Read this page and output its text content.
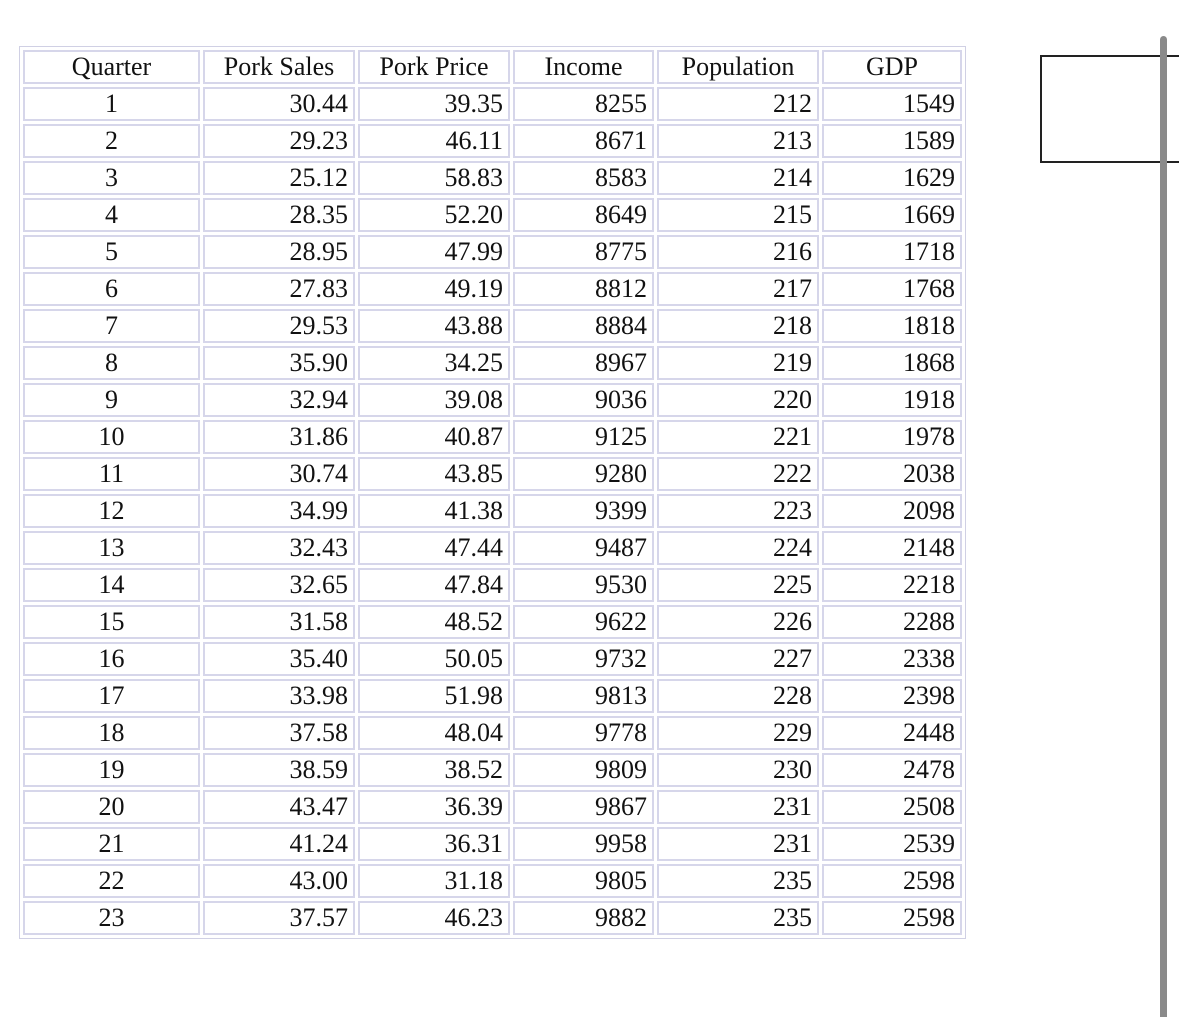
Quarter	Pork Sales	Pork Price	Income	Population	GDP
1	30.44	39.35	8255	212	1549
2	29.23	46.11	8671	213	1589
3	25.12	58.83	8583	214	1629
4	28.35	52.20	8649	215	1669
5	28.95	47.99	8775	216	1718
6	27.83	49.19	8812	217	1768
7	29.53	43.88	8884	218	1818
8	35.90	34.25	8967	219	1868
9	32.94	39.08	9036	220	1918
10	31.86	40.87	9125	221	1978
11	30.74	43.85	9280	222	2038
12	34.99	41.38	9399	223	2098
13	32.43	47.44	9487	224	2148
14	32.65	47.84	9530	225	2218
15	31.58	48.52	9622	226	2288
16	35.40	50.05	9732	227	2338
17	33.98	51.98	9813	228	2398
18	37.58	48.04	9778	229	2448
19	38.59	38.52	9809	230	2478
20	43.47	36.39	9867	231	2508
21	41.24	36.31	9958	231	2539
22	43.00	31.18	9805	235	2598
23	37.57	46.23	9882	235	2598
